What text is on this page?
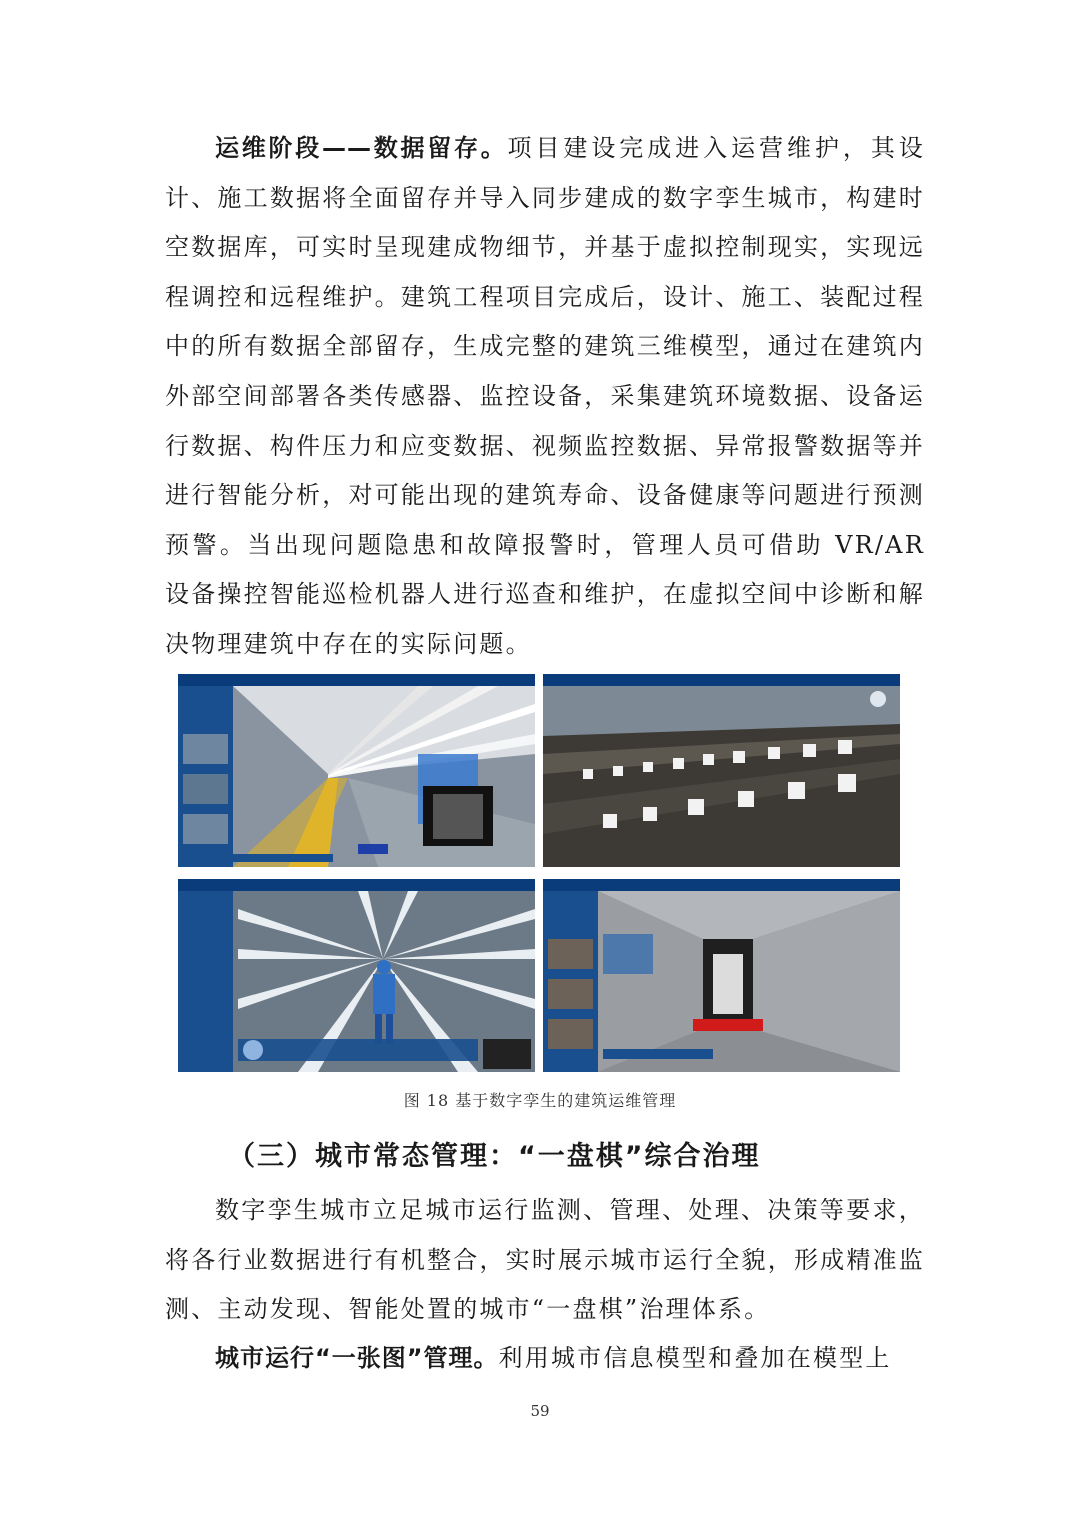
运维阶段——数据留存。项目建设完成进入运营维护，其设计、施工数据将全面留存并导入同步建成的数字孪生城市，构建时空数据库，可实时呈现建成物细节，并基于虚拟控制现实，实现远程调控和远程维护。建筑工程项目完成后，设计、施工、装配过程中的所有数据全部留存，生成完整的建筑三维模型，通过在建筑内外部空间部署各类传感器、监控设备，采集建筑环境数据、设备运行数据、构件压力和应变数据、视频监控数据、异常报警数据等并进行智能分析，对可能出现的建筑寿命、设备健康等问题进行预测预警。当出现问题隐患和故障报警时，管理人员可借助 VR/AR 设备操控智能巡检机器人进行巡查和维护，在虚拟空间中诊断和解决物理建筑中存在的实际问题。

图 18 基于数字孪生的建筑运维管理
（三）城市常态管理：“一盘棋”综合治理

数字孪生城市立足城市运行监测、管理、处理、决策等要求，将各行业数据进行有机整合，实时展示城市运行全貌，形成精准监测、主动发现、智能处置的城市“一盘棋”治理体系。

城市运行“一张图”管理。利用城市信息模型和叠加在模型上

59
